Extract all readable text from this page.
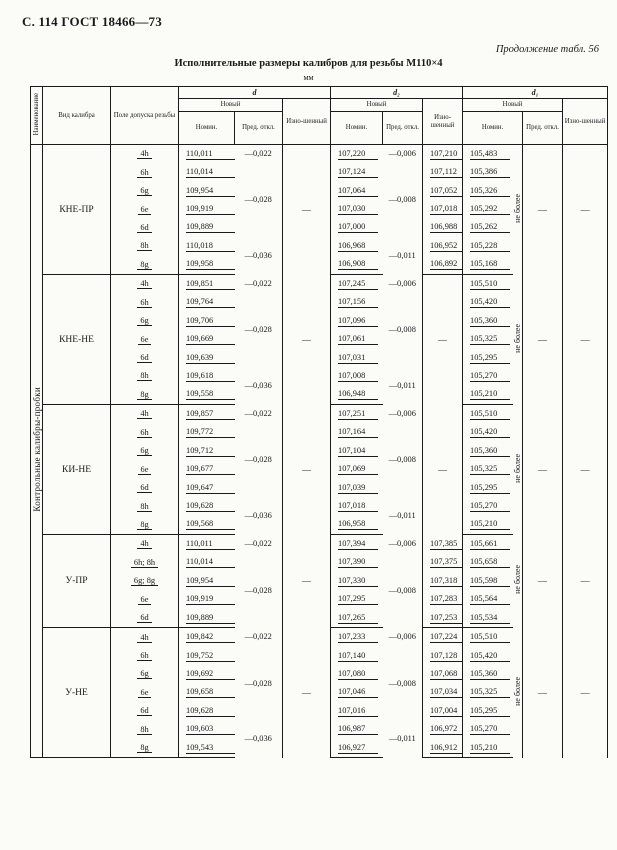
С. 114 ГОСТ 18466—73
Продолжение табл. 56
Исполнительные размеры калибров для резьбы М110×4
мм
Наименование	Вид калибра	Поле допуска резьбы	d			d₂			d₁			
			Новый		Изно-шенный	Новый		Изно-шенный	Новый			Изно-шенный
			Номин.	Пред. откл.		Номин.	Пред. откл.		Номин.		Пред. откл.	
Контрольные калибры-пробки	КНЕ-ПР	4h	110,011	—0,022	—	107,220	—0,006	107,210	105,483	не более	—	—
		6h	110,014	—0,028		107,124	—0,008	107,112	105,386			
		6g	109,954			107,064		107,052	105,326			
		6e	109,919			107,030		107,018	105,292			
		6d	109,889			107,000		106,988	105,262			
		8h	110,018	—0,036		106,968	—0,011	106,952	105,228			
		8g	109,958			106,908		106,892	105,168			
	КНЕ-НЕ	4h	109,851	—0,022	—	107,245	—0,006	—	105,510	не более	—	—
		6h	109,764	—0,028		107,156	—0,008		105,420			
		6g	109,706			107,096			105,360			
		6e	109,669			107,061			105,325			
		6d	109,639			107,031			105,295			
		8h	109,618	—0,036		107,008	—0,011		105,270			
		8g	109,558			106,948			105,210			
	КИ-НЕ	4h	109,857	—0,022	—	107,251	—0,006	—	105,510	не более	—	—
		6h	109,772	—0,028		107,164	—0,008		105,420			
		6g	109,712			107,104			105,360			
		6e	109,677			107,069			105,325			
		6d	109,647			107,039			105,295			
		8h	109,628	—0,036		107,018	—0,011		105,270			
		8g	109,568			106,958			105,210			
	У-ПР	4h	110,011	—0,022	—	107,394	—0,006	107,385	105,661	не более	—	—
		6h; 8h	110,014	—0,028		107,390	—0,008	107,375	105,658			
		6g; 8g	109,954			107,330		107,318	105,598			
		6e	109,919			107,295		107,283	105,564			
		6d	109,889			107,265		107,253	105,534			
	У-НЕ	4h	109,842	—0,022	—	107,233	—0,006	107,224	105,510	не более	—	—
		6h	109,752	—0,028		107,140	—0,008	107,128	105,420			
		6g	109,692			107,080		107,068	105,360			
		6e	109,658			107,046		107,034	105,325			
		6d	109,628			107,016		107,004	105,295			
		8h	109,603	—0,036		106,987	—0,011	106,972	105,270			
		8g	109,543			106,927		106,912	105,210			
